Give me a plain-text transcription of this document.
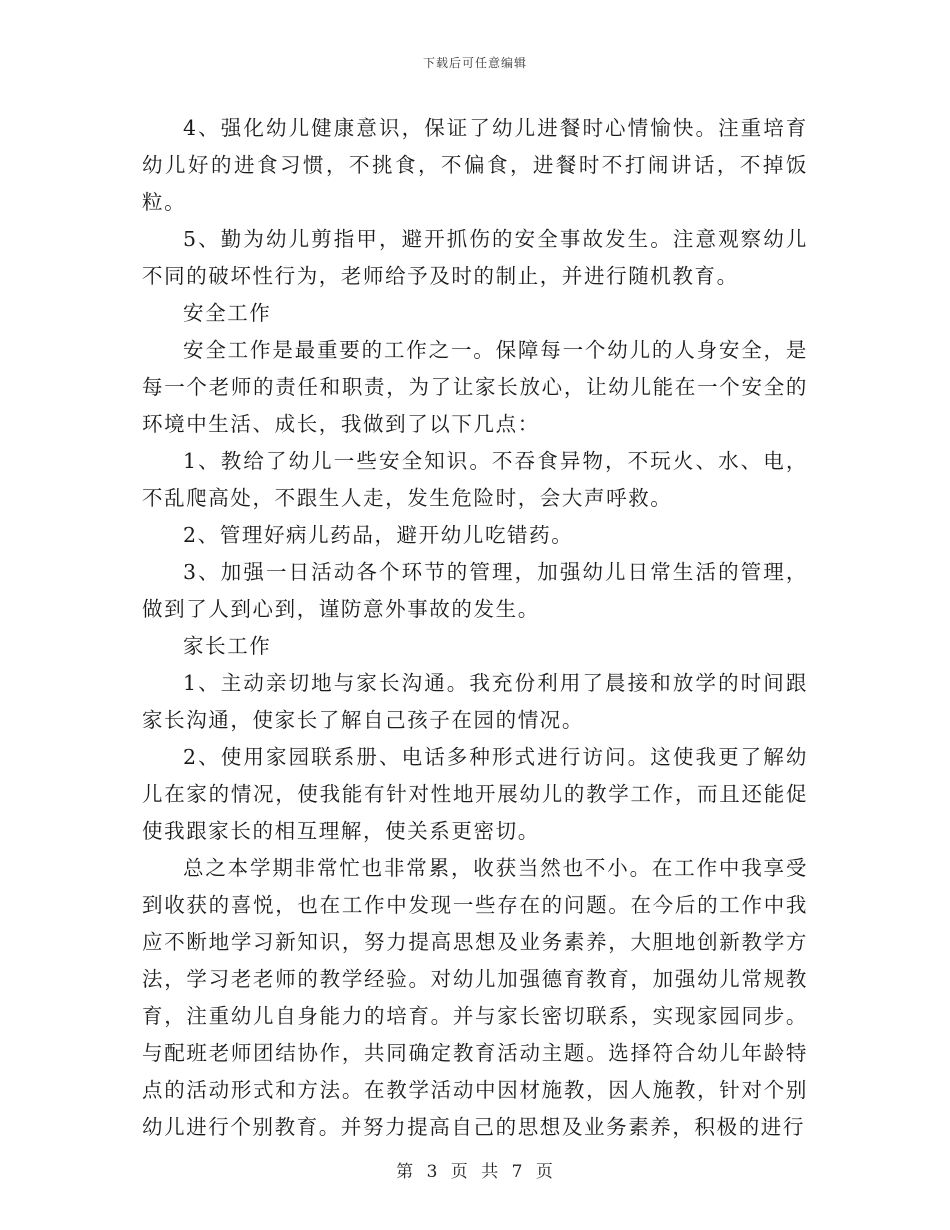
下载后可任意编辑

4、强化幼儿健康意识，保证了幼儿进餐时心情愉快。注重培育幼儿好的进食习惯，不挑食，不偏食，进餐时不打闹讲话，不掉饭粒。

5、勤为幼儿剪指甲，避开抓伤的安全事故发生。注意观察幼儿不同的破坏性行为，老师给予及时的制止，并进行随机教育。

安全工作

安全工作是最重要的工作之一。保障每一个幼儿的人身安全，是每一个老师的责任和职责，为了让家长放心，让幼儿能在一个安全的环境中生活、成长，我做到了以下几点：

1、教给了幼儿一些安全知识。不吞食异物，不玩火、水、电，不乱爬高处，不跟生人走，发生危险时，会大声呼救。

2、管理好病儿药品，避开幼儿吃错药。

3、加强一日活动各个环节的管理，加强幼儿日常生活的管理，做到了人到心到，谨防意外事故的发生。

家长工作

1、主动亲切地与家长沟通。我充份利用了晨接和放学的时间跟家长沟通，使家长了解自己孩子在园的情况。

2、使用家园联系册、电话多种形式进行访问。这使我更了解幼儿在家的情况，使我能有针对性地开展幼儿的教学工作，而且还能促使我跟家长的相互理解，使关系更密切。

总之本学期非常忙也非常累，收获当然也不小。在工作中我享受到收获的喜悦，也在工作中发现一些存在的问题。在今后的工作中我应不断地学习新知识，努力提高思想及业务素养，大胆地创新教学方法，学习老老师的教学经验。对幼儿加强德育教育，加强幼儿常规教育，注重幼儿自身能力的培育。并与家长密切联系，实现家园同步。与配班老师团结协作，共同确定教育活动主题。选择符合幼儿年龄特点的活动形式和方法。在教学活动中因材施教，因人施教，针对个别幼儿进行个别教育。并努力提高自己的思想及业务素养，积极的进行

第 3 页 共 7 页
